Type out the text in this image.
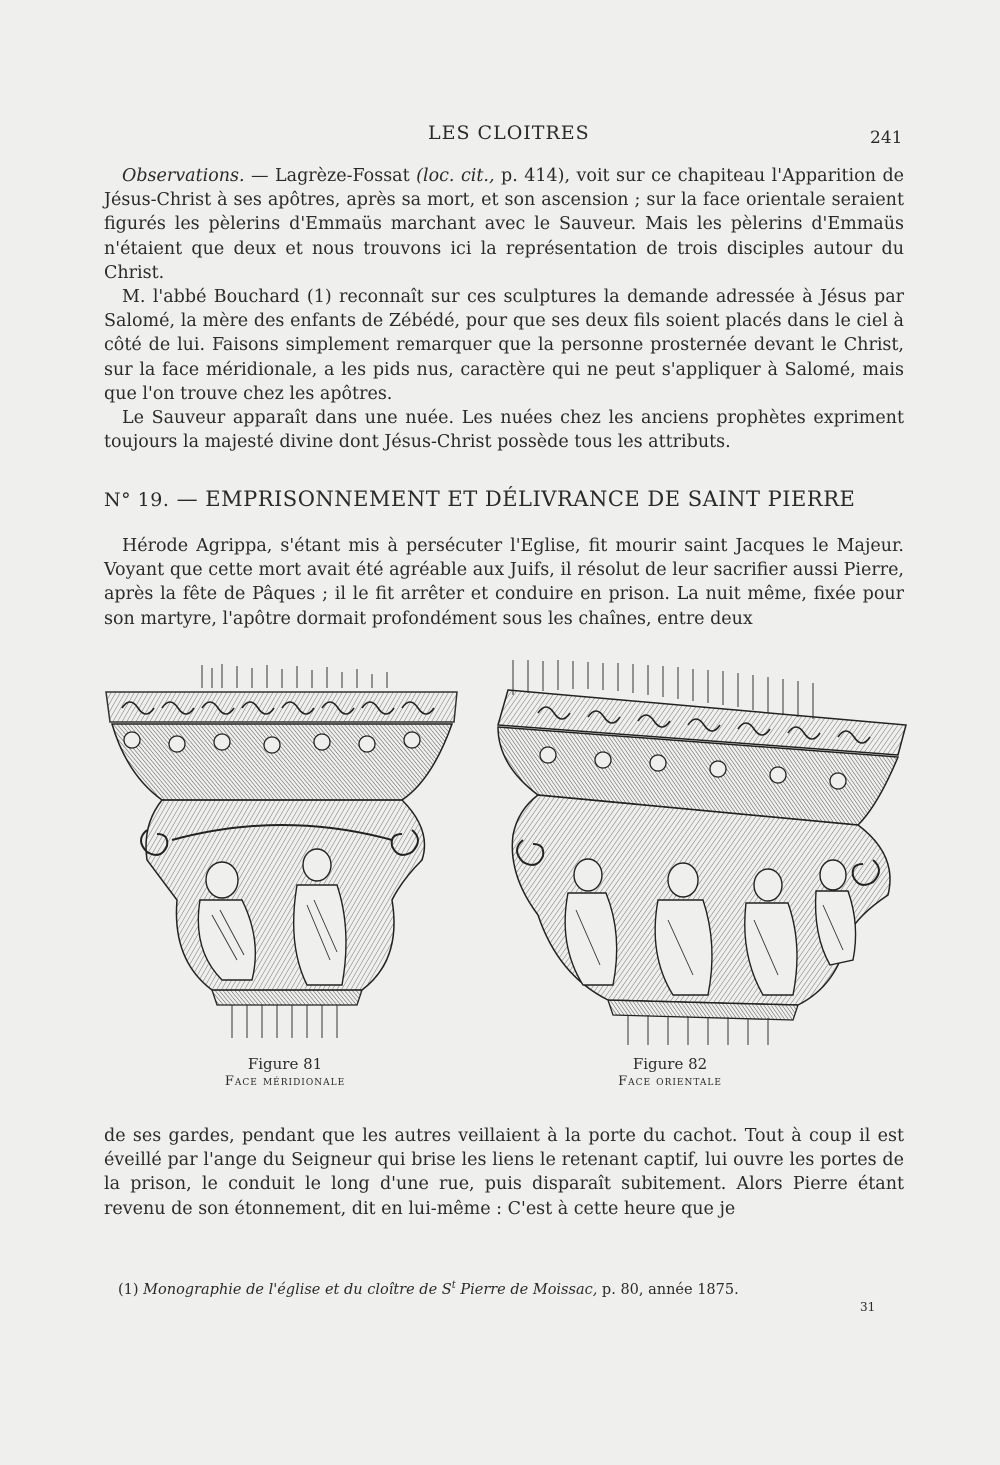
LES CLOITRES	241

Observations. — Lagrèze-Fossat (loc. cit., p. 414), voit sur ce chapiteau l'Apparition de Jésus-Christ à ses apôtres, après sa mort, et son ascension ; sur la face orientale seraient figurés les pèlerins d'Emmaüs marchant avec le Sauveur. Mais les pèlerins d'Emmaüs n'étaient que deux et nous trouvons ici la représentation de trois disciples autour du Christ.

M. l'abbé Bouchard (1) reconnaît sur ces sculptures la demande adressée à Jésus par Salomé, la mère des enfants de Zébédé, pour que ses deux fils soient placés dans le ciel à côté de lui. Faisons simplement remarquer que la personne prosternée devant le Christ, sur la face méridionale, a les pids nus, caractère qui ne peut s'appliquer à Salomé, mais que l'on trouve chez les apôtres.

Le Sauveur apparaît dans une nuée. Les nuées chez les anciens prophètes expriment toujours la majesté divine dont Jésus-Christ possède tous les attributs.

N° 19. — EMPRISONNEMENT ET DÉLIVRANCE DE SAINT PIERRE

Hérode Agrippa, s'étant mis à persécuter l'Eglise, fit mourir saint Jacques le Majeur. Voyant que cette mort avait été agréable aux Juifs, il résolut de leur sacrifier aussi Pierre, après la fête de Pâques ; il le fit arrêter et conduire en prison. La nuit même, fixée pour son martyre, l'apôtre dormait profondément sous les chaînes, entre deux

Figure 81
Face méridionale
Figure 82
Face orientale

de ses gardes, pendant que les autres veillaient à la porte du cachot. Tout à coup il est éveillé par l'ange du Seigneur qui brise les liens le retenant captif, lui ouvre les portes de la prison, le conduit le long d'une rue, puis disparaît subitement. Alors Pierre étant revenu de son étonnement, dit en lui-même : C'est à cette heure que je

(1) Monographie de l'église et du cloître de $S^t$ Pierre de Moissac, p. 80, année 1875.
31
